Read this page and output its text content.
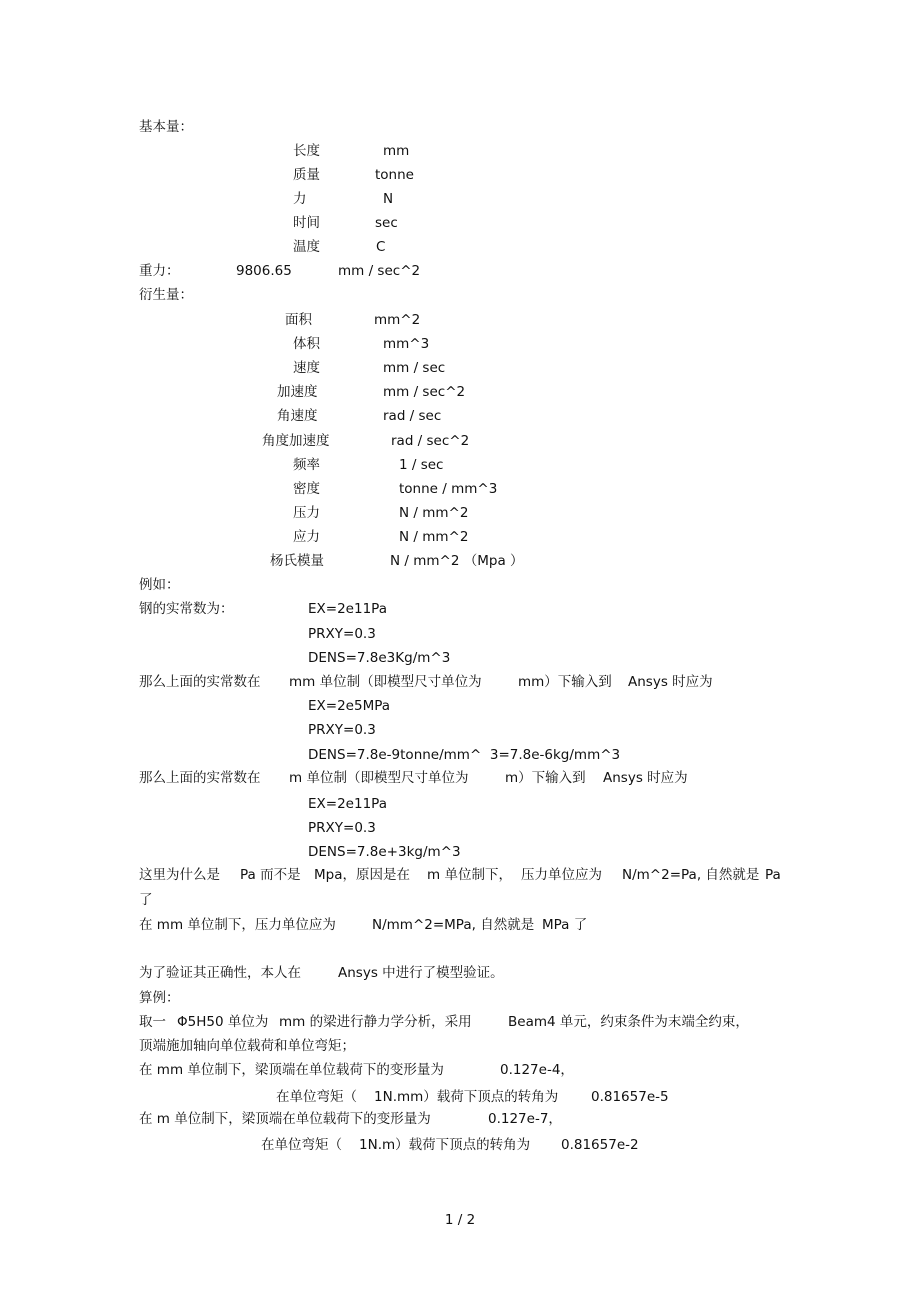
基本量：
长度	mm
质量	tonne
力	N
时间	sec
温度	C
重力：	9806.65	mm / sec^2
衍生量：
面积	mm^2
体积	mm^3
速度	mm / sec
加速度	mm / sec^2
角速度	rad / sec
角度加速度	rad / sec^2
频率	1 / sec
密度	tonne / mm^3
压力	N / mm^2
应力	N / mm^2
杨氏模量	N / mm^2 （Mpa ）
例如：
钢的实常数为：	EX=2e11Pa
PRXY=0.3
DENS=7.8e3Kg/m^3
那么上面的实常数在 mm 单位制（即模型尺寸单位为	mm）下输入到 Ansys 时应为
EX=2e5MPa
PRXY=0.3
DENS=7.8e-9tonne/mm^  3=7.8e-6kg/mm^3
那么上面的实常数在 m 单位制（即模型尺寸单位为	m）下输入到 Ansys 时应为
EX=2e11Pa
PRXY=0.3
DENS=7.8e+3kg/m^3
这里为什么是 Pa 而不是 Mpa，原因是在 m 单位制下， 压力单位应为 N/m^2=Pa, 自然就是 Pa
了
在 mm 单位制下，压力单位应为	N/mm^2=MPa, 自然就是 MPa 了
为了验证其正确性，本人在	Ansys 中进行了模型验证。
算例：
取一 Φ5H50 单位为 mm 的梁进行静力学分析，采用	Beam4 单元，约束条件为末端全约束，
顶端施加轴向单位载荷和单位弯矩；
在 mm 单位制下，梁顶端在单位载荷下的变形量为	0.127e-4，
在单位弯矩（ 1N.mm）载荷下顶点的转角为 0.81657e-5
在 m 单位制下，梁顶端在单位载荷下的变形量为	0.127e-7，
在单位弯矩（ 1N.m）载荷下顶点的转角为 0.81657e-2
1 / 2
